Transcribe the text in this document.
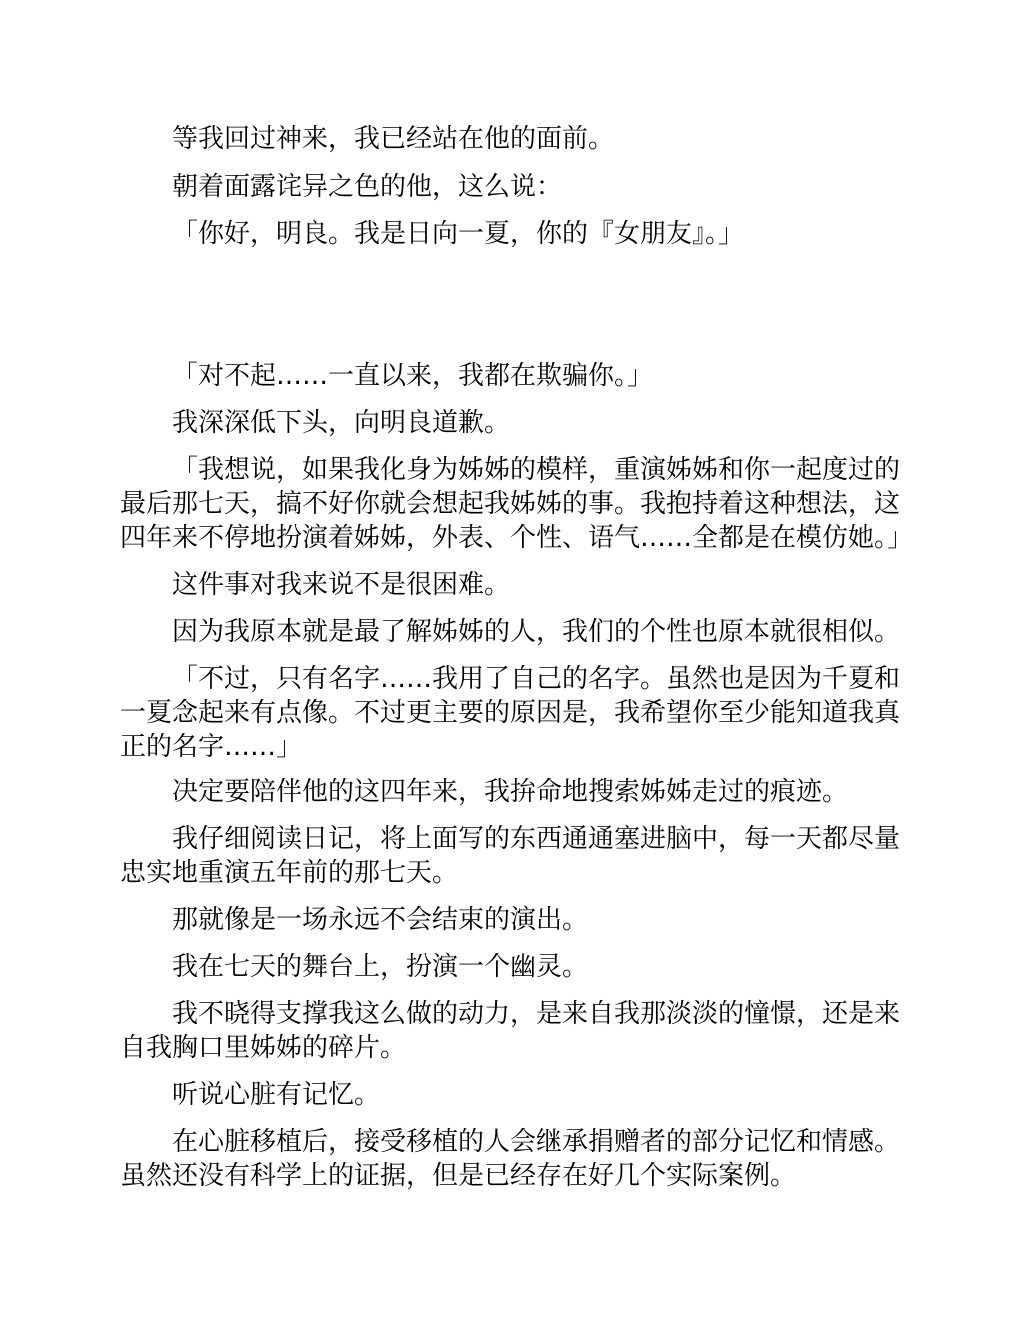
等我回过神来，我已经站在他的面前。

朝着面露诧异之色的他，这么说：

「你好，明良。我是日向一夏，你的『女朋友』。」

「对不起……一直以来，我都在欺骗你。」

我深深低下头，向明良道歉。

「我想说，如果我化身为姊姊的模样，重演姊姊和你一起度过的最后那七天，搞不好你就会想起我姊姊的事。我抱持着这种想法，这四年来不停地扮演着姊姊，外表、个性、语气……全都是在模仿她。」

这件事对我来说不是很困难。

因为我原本就是最了解姊姊的人，我们的个性也原本就很相似。

「不过，只有名字……我用了自己的名字。虽然也是因为千夏和一夏念起来有点像。不过更主要的原因是，我希望你至少能知道我真正的名字……」

决定要陪伴他的这四年来，我拚命地搜索姊姊走过的痕迹。

我仔细阅读日记，将上面写的东西通通塞进脑中，每一天都尽量忠实地重演五年前的那七天。

那就像是一场永远不会结束的演出。

我在七天的舞台上，扮演一个幽灵。

我不晓得支撑我这么做的动力，是来自我那淡淡的憧憬，还是来自我胸口里姊姊的碎片。

听说心脏有记忆。

在心脏移植后，接受移植的人会继承捐赠者的部分记忆和情感。虽然还没有科学上的证据，但是已经存在好几个实际案例。
